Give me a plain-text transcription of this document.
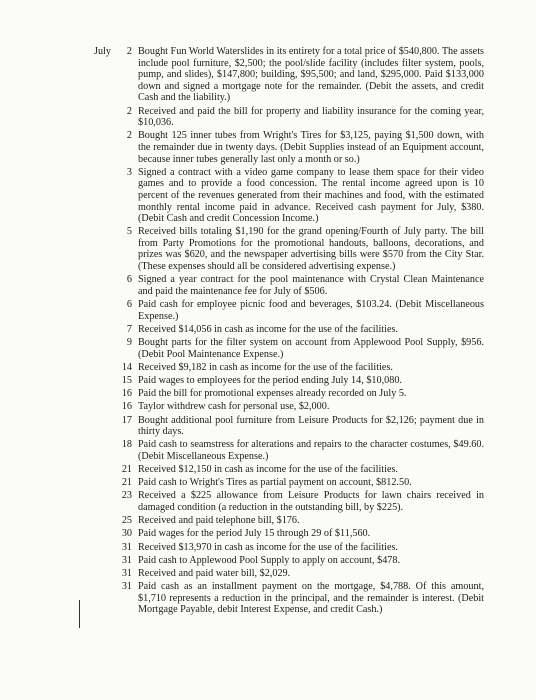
July	2 Bought Fun World Waterslides in its entirety for a total price of $540,800. The assets include pool furniture, $2,500; the pool/slide facility (includes filter system, pools, pump, and slides), $147,800; building, $95,500; and land, $295,000. Paid $133,000 down and signed a mortgage note for the remainder. (Debit the assets, and credit Cash and the liability.)
2 Received and paid the bill for property and liability insurance for the coming year, $10,036.
2 Bought 125 inner tubes from Wright's Tires for $3,125, paying $1,500 down, with the remainder due in twenty days. (Debit Supplies instead of an Equipment account, because inner tubes generally last only a month or so.)
3 Signed a contract with a video game company to lease them space for their video games and to provide a food concession. The rental income agreed upon is 10 percent of the revenues generated from their machines and food, with the estimated monthly rental income paid in advance. Received cash payment for July, $380. (Debit Cash and credit Concession Income.)
5 Received bills totaling $1,190 for the grand opening/Fourth of July party. The bill from Party Promotions for the promotional handouts, balloons, decorations, and prizes was $620, and the newspaper advertising bills were $570 from the City Star. (These expenses should all be considered advertising expense.)
6 Signed a year contract for the pool maintenance with Crystal Clean Maintenance and paid the maintenance fee for July of $506.
6 Paid cash for employee picnic food and beverages, $103.24. (Debit Miscellaneous Expense.)
7 Received $14,056 in cash as income for the use of the facilities.
9 Bought parts for the filter system on account from Applewood Pool Supply, $956. (Debit Pool Maintenance Expense.)
14 Received $9,182 in cash as income for the use of the facilities.
15 Paid wages to employees for the period ending July 14, $10,080.
16 Paid the bill for promotional expenses already recorded on July 5.
16 Taylor withdrew cash for personal use, $2,000.
17 Bought additional pool furniture from Leisure Products for $2,126; payment due in thirty days.
18 Paid cash to seamstress for alterations and repairs to the character costumes, $49.60. (Debit Miscellaneous Expense.)
21 Received $12,150 in cash as income for the use of the facilities.
21 Paid cash to Wright's Tires as partial payment on account, $812.50.
23 Received a $225 allowance from Leisure Products for lawn chairs received in damaged condition (a reduction in the outstanding bill, by $225).
25 Received and paid telephone bill, $176.
30 Paid wages for the period July 15 through 29 of $11,560.
31 Received $13,970 in cash as income for the use of the facilities.
31 Paid cash to Applewood Pool Supply to apply on account, $478.
31 Received and paid water bill, $2,029.
31 Paid cash as an installment payment on the mortgage, $4,788. Of this amount, $1,710 represents a reduction in the principal, and the remainder is interest. (Debit Mortgage Payable, debit Interest Expense, and credit Cash.)
